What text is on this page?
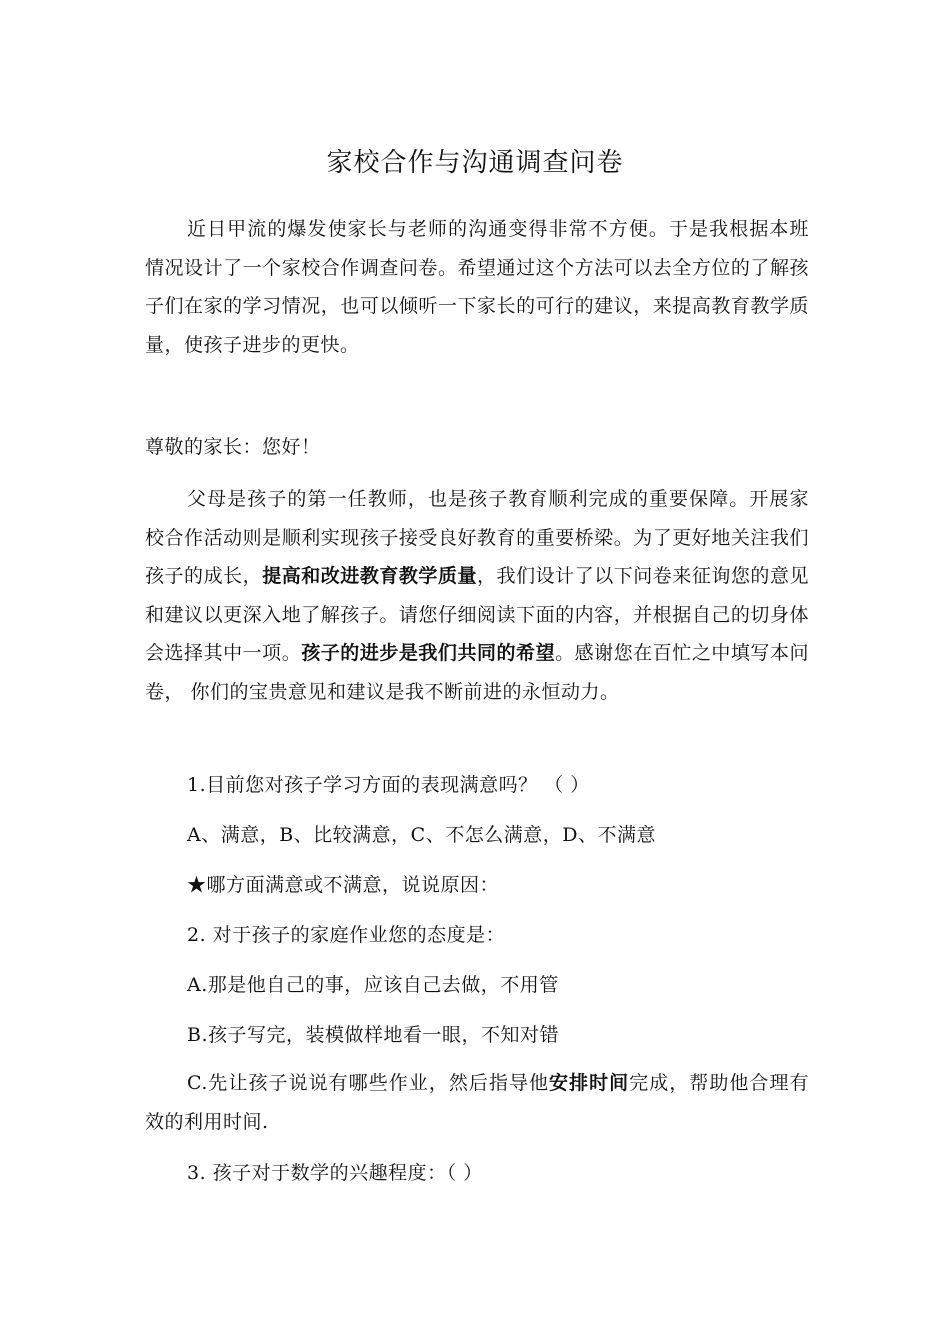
家校合作与沟通调查问卷
近日甲流的爆发使家长与老师的沟通变得非常不方便。于是我根据本班情况设计了一个家校合作调查问卷。希望通过这个方法可以去全方位的了解孩子们在家的学习情况，也可以倾听一下家长的可行的建议，来提高教育教学质量，使孩子进步的更快。
尊敬的家长：您好！
父母是孩子的第一任教师，也是孩子教育顺利完成的重要保障。开展家校合作活动则是顺利实现孩子接受良好教育的重要桥梁。为了更好地关注我们孩子的成长，提高和改进教育教学质量，我们设计了以下问卷来征询您的意见和建议以更深入地了解孩子。请您仔细阅读下面的内容，并根据自己的切身体会选择其中一项。孩子的进步是我们共同的希望。感谢您在百忙之中填写本问卷， 你们的宝贵意见和建议是我不断前进的永恒动力。
1.目前您对孩子学习方面的表现满意吗？ （ ）
A、满意，B、比较满意，C、不怎么满意，D、不满意
★哪方面满意或不满意，说说原因：
2. 对于孩子的家庭作业您的态度是：
A.那是他自己的事，应该自己去做，不用管
B.孩子写完，装模做样地看一眼，不知对错
C.先让孩子说说有哪些作业，然后指导他安排时间完成，帮助他合理有效的利用时间.
3. 孩子对于数学的兴趣程度：（ ）
